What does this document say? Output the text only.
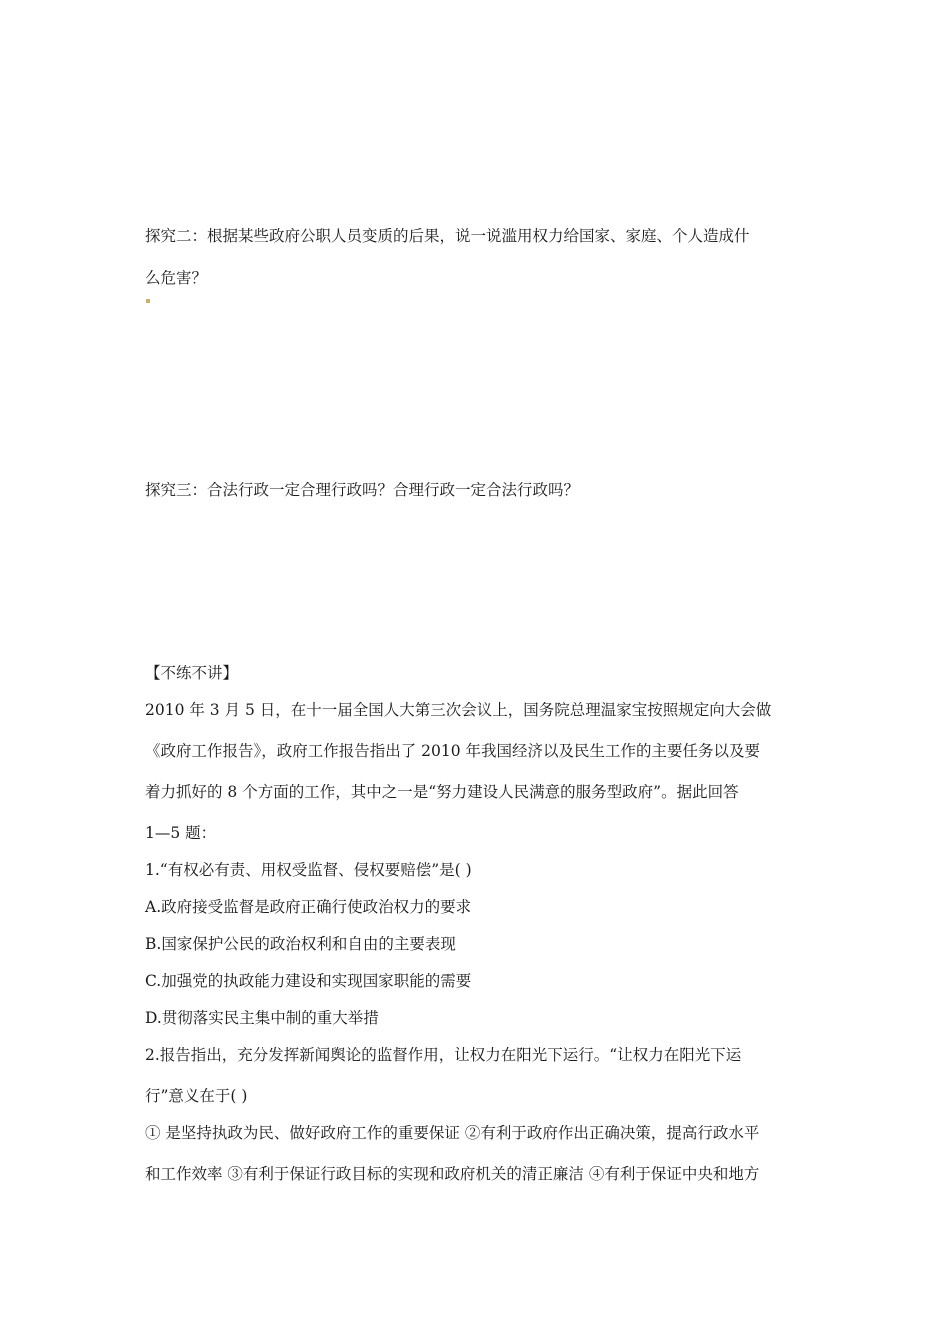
探究二：根据某些政府公职人员变质的后果，说一说滥用权力给国家、家庭、个人造成什
么危害？
探究三：合法行政一定合理行政吗？合理行政一定合法行政吗？
【不练不讲】
2010 年 3 月 5 日，在十一届全国人大第三次会议上，国务院总理温家宝按照规定向大会做
《政府工作报告》，政府工作报告指出了 2010 年我国经济以及民生工作的主要任务以及要
着力抓好的 8 个方面的工作，其中之一是“努力建设人民满意的服务型政府”。据此回答
1—5 题：
1.“有权必有责、用权受监督、侵权要赔偿”是( )
A.政府接受监督是政府正确行使政治权力的要求
B.国家保护公民的政治权利和自由的主要表现
C.加强党的执政能力建设和实现国家职能的需要
D.贯彻落实民主集中制的重大举措
2.报告指出，充分发挥新闻舆论的监督作用，让权力在阳光下运行。“让权力在阳光下运
行”意义在于( )
① 是坚持执政为民、做好政府工作的重要保证 ②有利于政府作出正确决策，提高行政水平
和工作效率 ③有利于保证行政目标的实现和政府机关的清正廉洁 ④有利于保证中央和地方
